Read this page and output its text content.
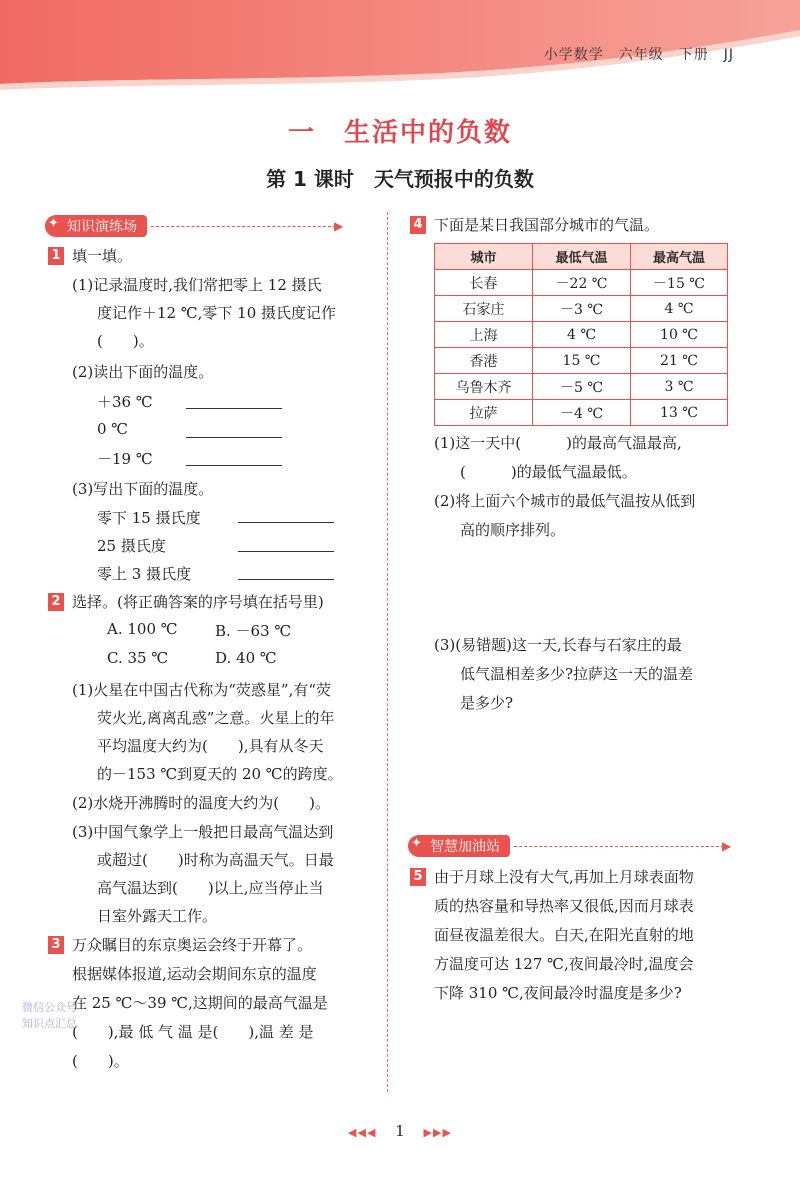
小学数学　六年级　下册　JJ
一　生活中的负数
第 1 课时　天气预报中的负数
✦ 知识演练场	▶
1 填一填。
(1)记录温度时,我们常把零上 12 摄氏
度记作＋12 ℃,零下 10 摄氏度记作
(　　)。
(2)读出下面的温度。
＋36 ℃
0 ℃
－19 ℃
(3)写出下面的温度。
零下 15 摄氏度
25 摄氏度
零上 3 摄氏度
2 选择。(将正确答案的序号填在括号里)
A. 100 ℃ B. －63 ℃
C. 35 ℃	D. 40 ℃
(1)火星在中国古代称为“荧惑星”,有“荧
荧火光,离离乱惑”之意。火星上的年
平均温度大约为(　　),具有从冬天
的－153 ℃到夏天的 20 ℃的跨度。
(2)水烧开沸腾时的温度大约为(　　)。
(3)中国气象学上一般把日最高气温达到
或超过(　　)时称为高温天气。日最
高气温达到(　　)以上,应当停止当
日室外露天工作。
3 万众瞩目的东京奥运会终于开幕了。
根据媒体报道,运动会期间东京的温度
在 25 ℃～39 ℃,这期间的最高气温是
(　　),最 低 气 温 是(　　),温 差 是
(　　)。
微信公众号
知识点汇总
4 下面是某日我国部分城市的气温。
城市	最低气温	最高气温
长春	－22 ℃	－15 ℃
石家庄	－3 ℃	4 ℃
上海	4 ℃	10 ℃
香港	15 ℃	21 ℃
乌鲁木齐	－5 ℃	3 ℃
拉萨	－4 ℃	13 ℃
(1)这一天中(　　　)的最高气温最高,
(　　　)的最低气温最低。
(2)将上面六个城市的最低气温按从低到
高的顺序排列。
(3)(易错题)这一天,长春与石家庄的最
低气温相差多少?拉萨这一天的温差
是多少?
✦ 智慧加油站	▶
5 由于月球上没有大气,再加上月球表面物
质的热容量和导热率又很低,因而月球表
面昼夜温差很大。白天,在阳光直射的地
方温度可达 127 ℃,夜间最冷时,温度会
下降 310 ℃,夜间最冷时温度是多少?
◀◀◀ 1 ▶▶▶
